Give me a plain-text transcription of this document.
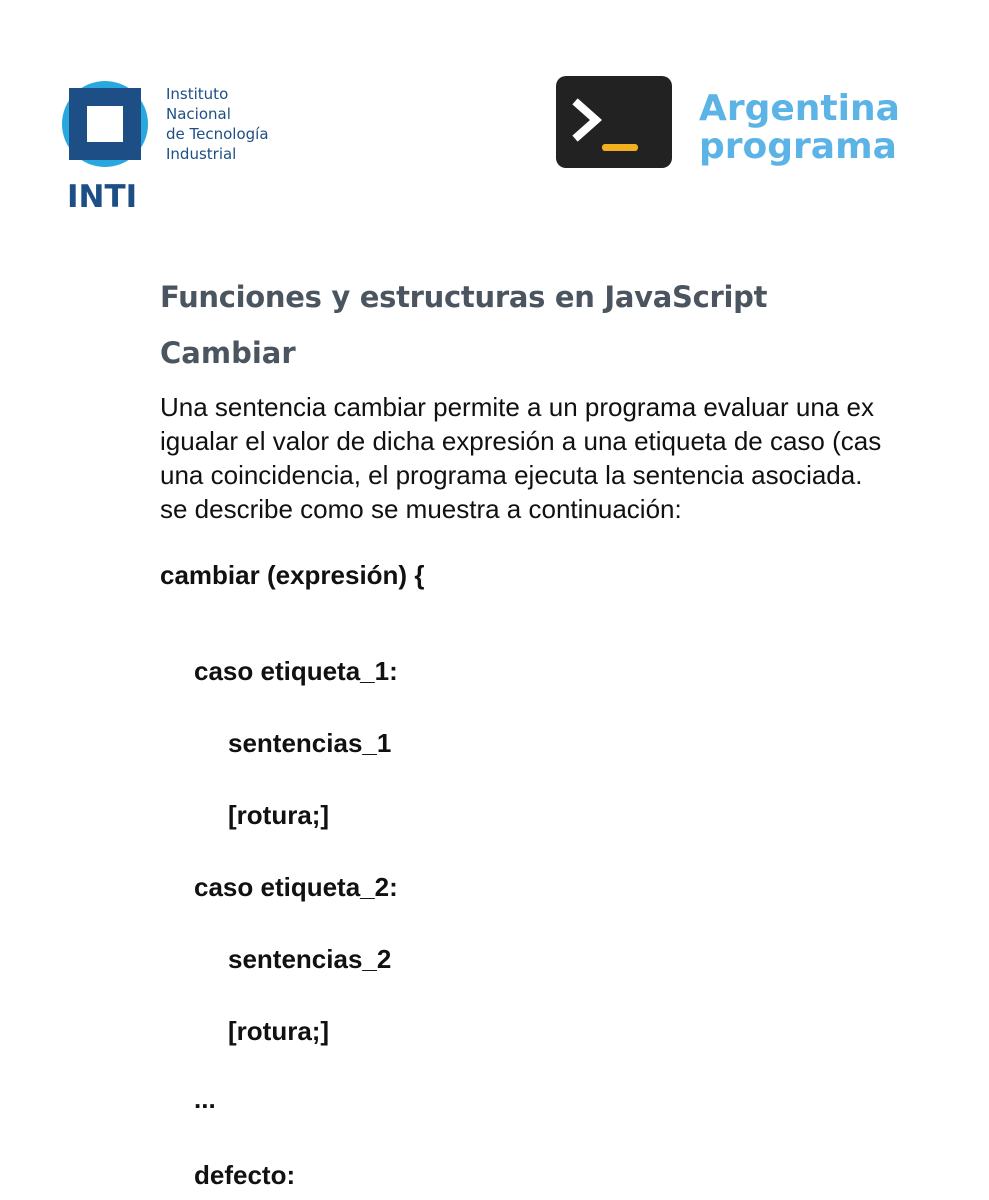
INTI
Instituto
Nacional
de Tecnología
Industrial
Argentina
programa
Funciones y estructuras en JavaScript
Cambiar
Una sentencia cambiar permite a un programa evaluar una ex
igualar el valor de dicha expresión a una etiqueta de caso (cas
una coincidencia, el programa ejecuta la sentencia asociada.
se describe como se muestra a continuación:
cambiar (expresión) {
caso etiqueta_1:
sentencias_1
[rotura;]
caso etiqueta_2:
sentencias_2
[rotura;]
...
defecto:
